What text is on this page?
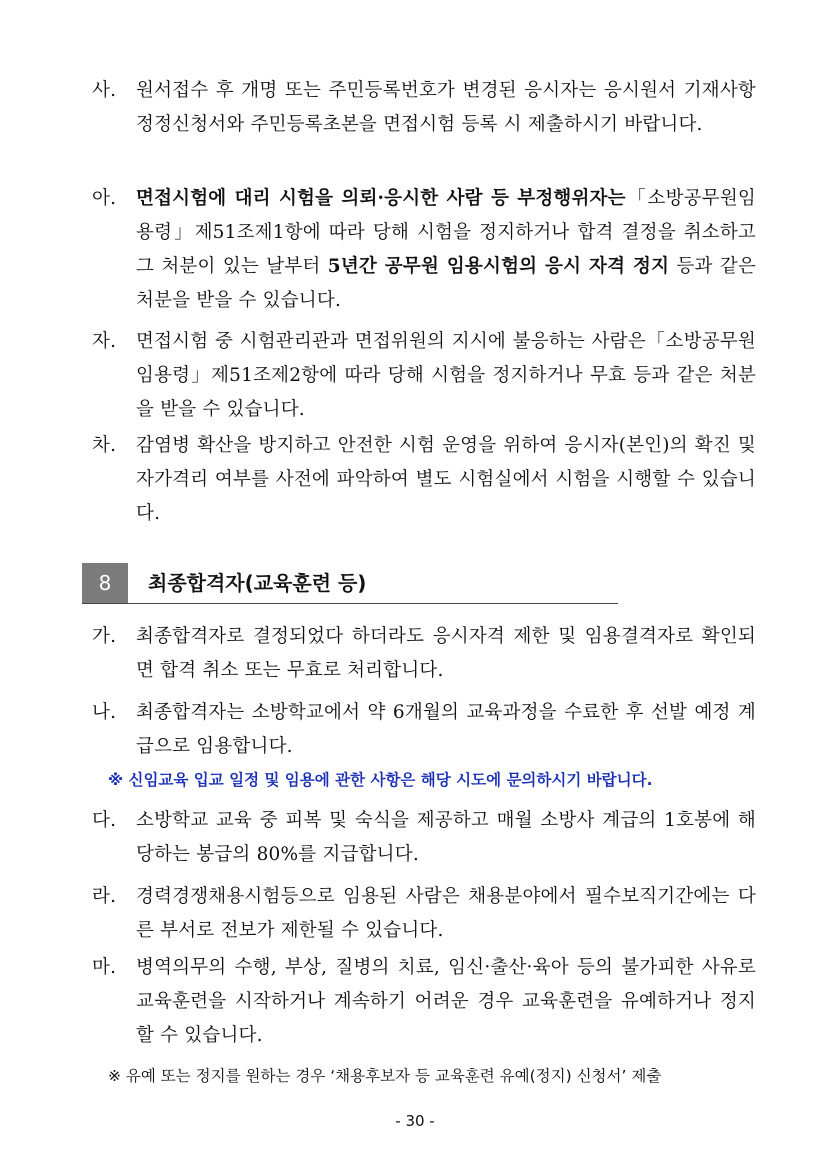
사. 원서접수 후 개명 또는 주민등록번호가 변경된 응시자는 응시원서 기재사항 정정신청서와 주민등록초본을 면접시험 등록 시 제출하시기 바랍니다.
아. 면접시험에 대리 시험을 의뢰·응시한 사람 등 부정행위자는「소방공무원임용령」제51조제1항에 따라 당해 시험을 정지하거나 합격 결정을 취소하고 그 처분이 있는 날부터 5년간 공무원 임용시험의 응시 자격 정지 등과 같은 처분을 받을 수 있습니다.
자. 면접시험 중 시험관리관과 면접위원의 지시에 불응하는 사람은「소방공무원임용령」제51조제2항에 따라 당해 시험을 정지하거나 무효 등과 같은 처분을 받을 수 있습니다.
차. 감염병 확산을 방지하고 안전한 시험 운영을 위하여 응시자(본인)의 확진 및 자가격리 여부를 사전에 파악하여 별도 시험실에서 시험을 시행할 수 있습니다.
8	최종합격자(교육훈련 등)
가. 최종합격자로 결정되었다 하더라도 응시자격 제한 및 임용결격자로 확인되면 합격 취소 또는 무효로 처리합니다.
나. 최종합격자는 소방학교에서 약 6개월의 교육과정을 수료한 후 선발 예정 계급으로 임용합니다.
※ 신임교육 입교 일정 및 임용에 관한 사항은 해당 시도에 문의하시기 바랍니다.
다. 소방학교 교육 중 피복 및 숙식을 제공하고 매월 소방사 계급의 1호봉에 해당하는 봉급의 80%를 지급합니다.
라. 경력경쟁채용시험등으로 임용된 사람은 채용분야에서 필수보직기간에는 다른 부서로 전보가 제한될 수 있습니다.
마. 병역의무의 수행, 부상, 질병의 치료, 임신·출산·육아 등의 불가피한 사유로 교육훈련을 시작하거나 계속하기 어려운 경우 교육훈련을 유예하거나 정지할 수 있습니다.
※ 유예 또는 정지를 원하는 경우 ‘채용후보자 등 교육훈련 유예(정지) 신청서’ 제출
- 30 -
